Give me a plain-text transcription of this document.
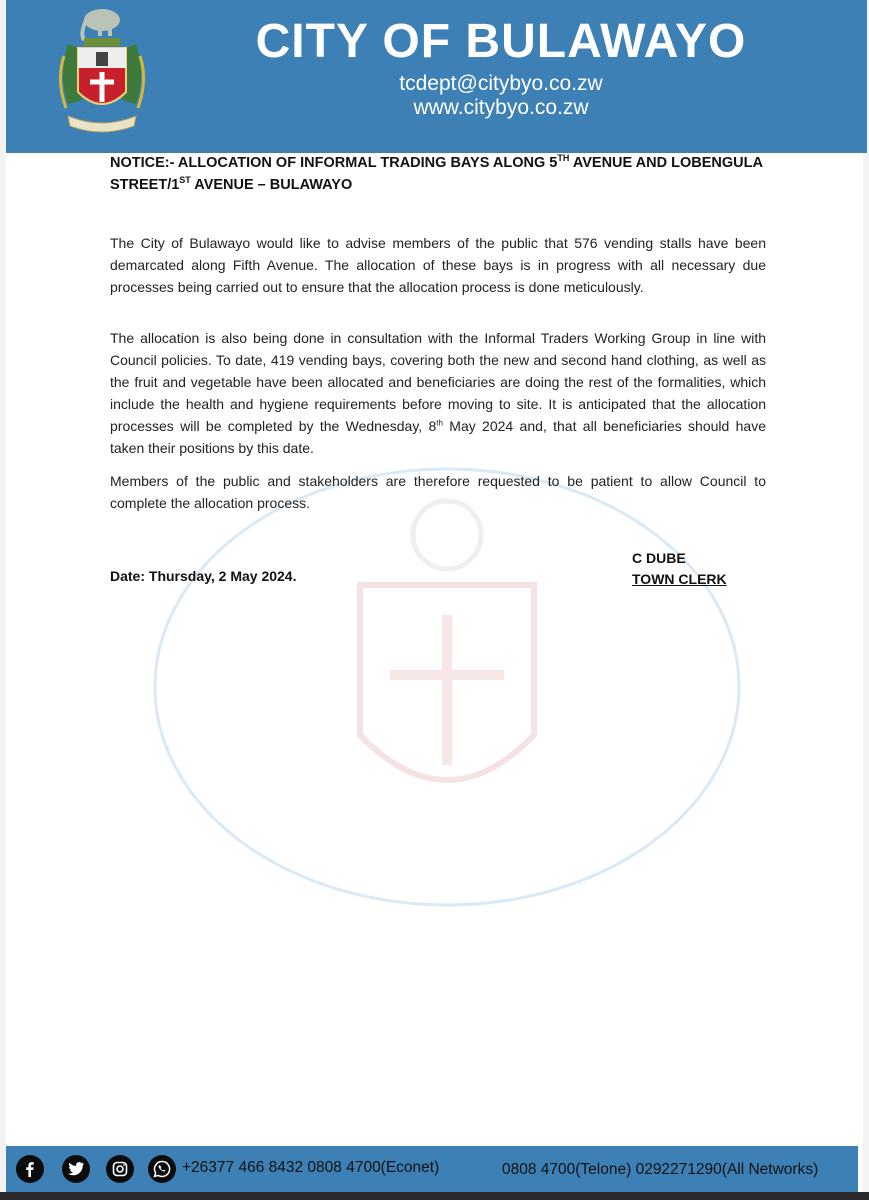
CITY OF BULAWAYO
tcdept@citybyo.co.zw
www.citybyo.co.zw
NOTICE:- ALLOCATION OF INFORMAL TRADING BAYS ALONG 5TH AVENUE AND LOBENGULA STREET/1ST AVENUE – BULAWAYO
The City of Bulawayo would like to advise members of the public that 576 vending stalls have been demarcated along Fifth Avenue. The allocation of these bays is in progress with all necessary due processes being carried out to ensure that the allocation process is done meticulously.
The allocation is also being done in consultation with the Informal Traders Working Group in line with Council policies. To date, 419 vending bays, covering both the new and second hand clothing, as well as the fruit and vegetable have been allocated and beneficiaries are doing the rest of the formalities, which include the health and hygiene requirements before moving to site. It is anticipated that the allocation processes will be completed by the Wednesday, 8th May 2024 and, that all beneficiaries should have taken their positions by this date.
Members of the public and stakeholders are therefore requested to be patient to allow Council to complete the allocation process.
Date: Thursday, 2 May 2024.
C DUBE
TOWN CLERK
+26377 466 8432 0808 4700(Econet)	0808 4700(Telone) 0292271290(All Networks)
